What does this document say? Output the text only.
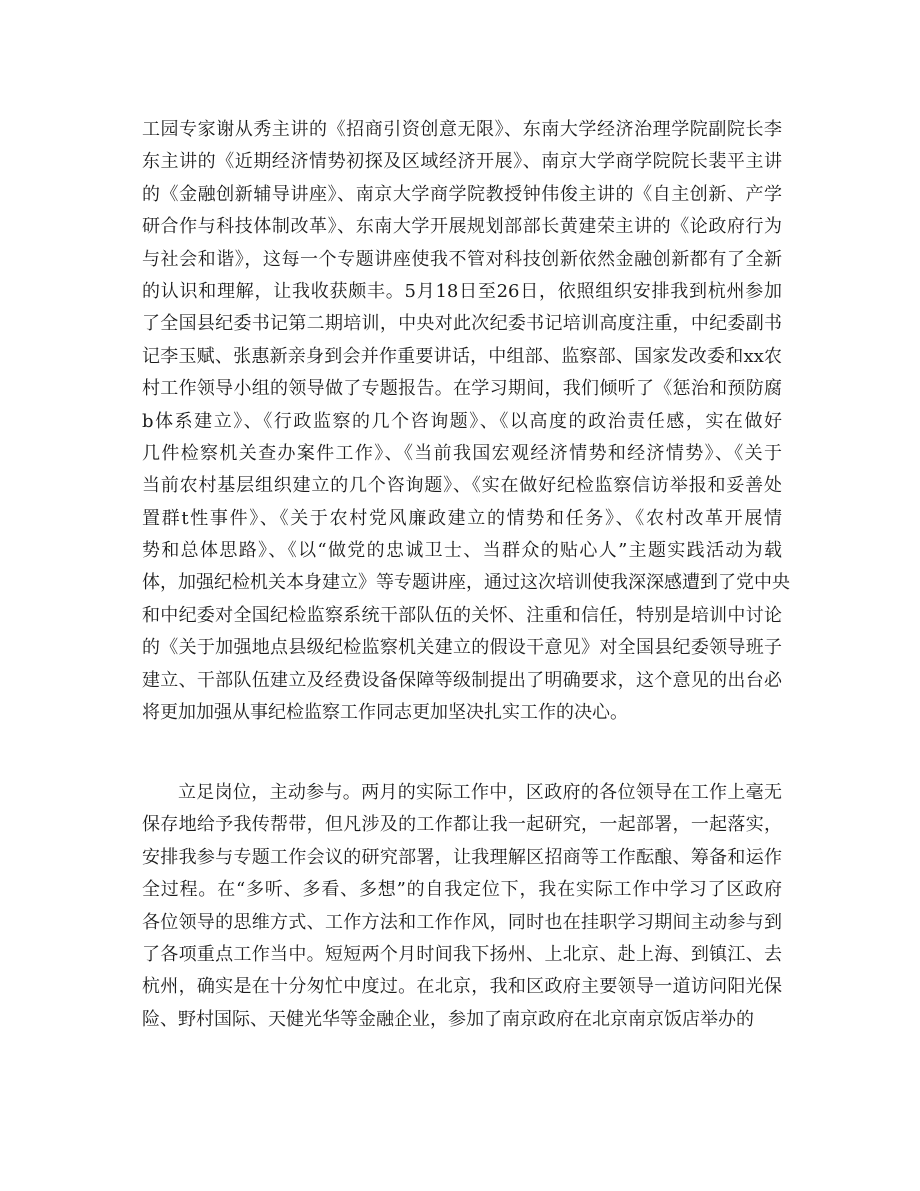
工园专家谢从秀主讲的《招商引资创意无限》、东南大学经济治理学院副院长李
东主讲的《近期经济情势初探及区域经济开展》、南京大学商学院院长裴平主讲
的《金融创新辅导讲座》、南京大学商学院教授钟伟俊主讲的《自主创新、产学
研合作与科技体制改革》、东南大学开展规划部部长黄建荣主讲的《论政府行为
与社会和谐》，这每一个专题讲座使我不管对科技创新依然金融创新都有了全新
的认识和理解，让我收获颇丰。5月18日至26日，依照组织安排我到杭州参加
了全国县纪委书记第二期培训，中央对此次纪委书记培训高度注重，中纪委副书
记李玉赋、张惠新亲身到会并作重要讲话，中组部、监察部、国家发改委和xx农
村工作领导小组的领导做了专题报告。在学习期间，我们倾听了《惩治和预防腐
b体系建立》、《行政监察的几个咨询题》、《以高度的政治责任感，实在做好
几件检察机关查办案件工作》、《当前我国宏观经济情势和经济情势》、《关于
当前农村基层组织建立的几个咨询题》、《实在做好纪检监察信访举报和妥善处
置群t性事件》、《关于农村党风廉政建立的情势和任务》、《农村改革开展情
势和总体思路》、《以“做党的忠诚卫士、当群众的贴心人”主题实践活动为载
体，加强纪检机关本身建立》等专题讲座，通过这次培训使我深深感遭到了党中央
和中纪委对全国纪检监察系统干部队伍的关怀、注重和信任，特别是培训中讨论
的《关于加强地点县级纪检监察机关建立的假设干意见》对全国县纪委领导班子
建立、干部队伍建立及经费设备保障等级制提出了明确要求，这个意见的出台必
将更加加强从事纪检监察工作同志更加坚决扎实工作的决心。

立足岗位，主动参与。两月的实际工作中，区政府的各位领导在工作上毫无
保存地给予我传帮带，但凡涉及的工作都让我一起研究，一起部署，一起落实，
安排我参与专题工作会议的研究部署，让我理解区招商等工作酝酿、筹备和运作
全过程。在“多听、多看、多想”的自我定位下，我在实际工作中学习了区政府
各位领导的思维方式、工作方法和工作作风，同时也在挂职学习期间主动参与到
了各项重点工作当中。短短两个月时间我下扬州、上北京、赴上海、到镇江、去
杭州，确实是在十分匆忙中度过。在北京，我和区政府主要领导一道访问阳光保
险、野村国际、天健光华等金融企业，参加了南京政府在北京南京饭店举办的
